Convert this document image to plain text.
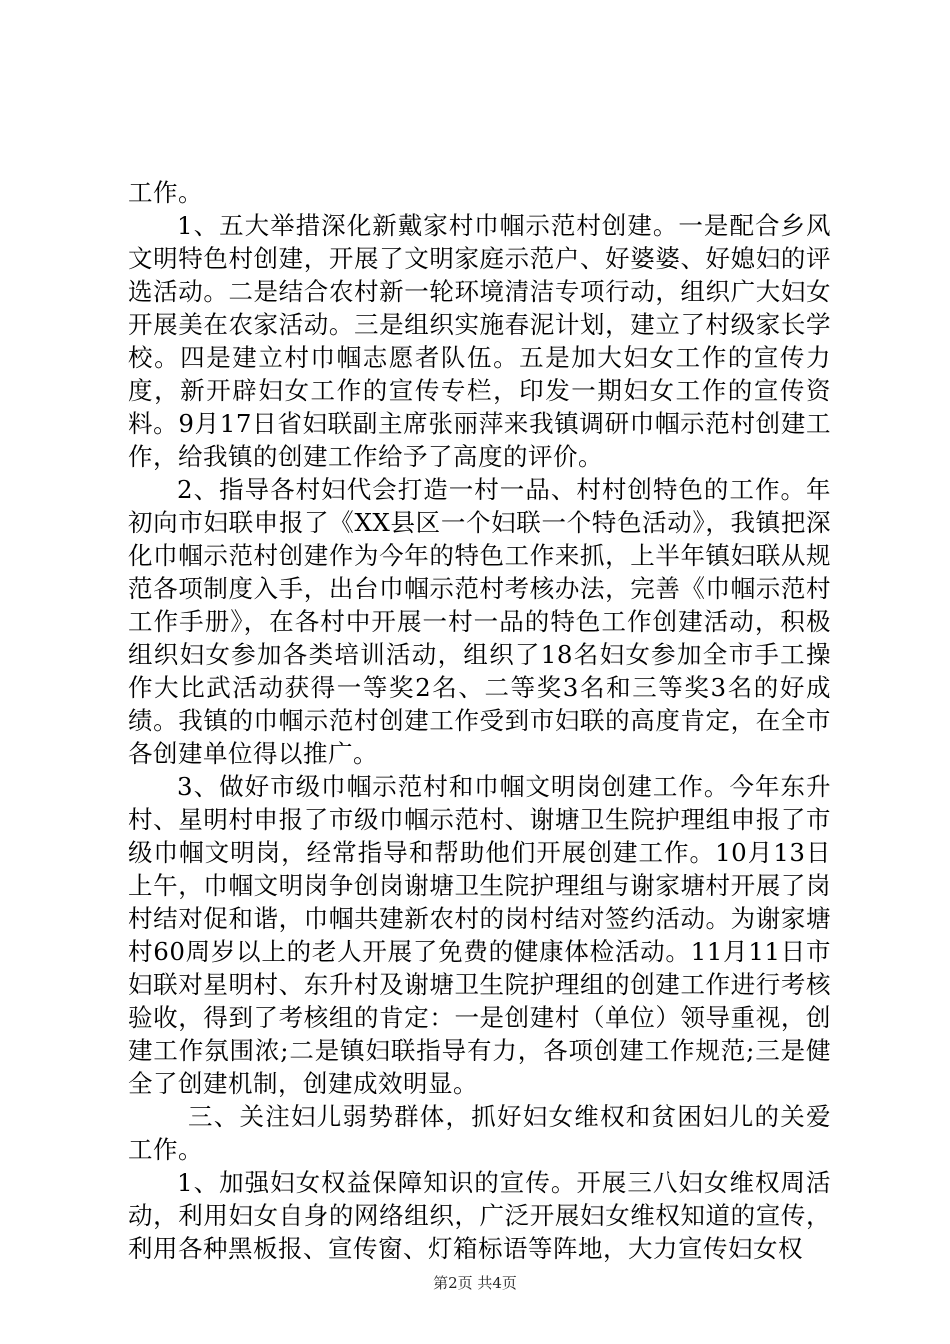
工作。

1、五大举措深化新戴家村巾帼示范村创建。一是配合乡风文明特色村创建，开展了文明家庭示范户、好婆婆、好媳妇的评选活动。二是结合农村新一轮环境清洁专项行动，组织广大妇女开展美在农家活动。三是组织实施春泥计划，建立了村级家长学校。四是建立村巾帼志愿者队伍。五是加大妇女工作的宣传力度，新开辟妇女工作的宣传专栏，印发一期妇女工作的宣传资料。9月17日省妇联副主席张丽萍来我镇调研巾帼示范村创建工作，给我镇的创建工作给予了高度的评价。

2、指导各村妇代会打造一村一品、村村创特色的工作。年初向市妇联申报了《XX县区一个妇联一个特色活动》，我镇把深化巾帼示范村创建作为今年的特色工作来抓，上半年镇妇联从规范各项制度入手，出台巾帼示范村考核办法，完善《巾帼示范村工作手册》，在各村中开展一村一品的特色工作创建活动，积极组织妇女参加各类培训活动，组织了18名妇女参加全市手工操作大比武活动获得一等奖2名、二等奖3名和三等奖3名的好成绩。我镇的巾帼示范村创建工作受到市妇联的高度肯定，在全市各创建单位得以推广。

3、做好市级巾帼示范村和巾帼文明岗创建工作。今年东升村、星明村申报了市级巾帼示范村、谢塘卫生院护理组申报了市级巾帼文明岗，经常指导和帮助他们开展创建工作。10月13日上午，巾帼文明岗争创岗谢塘卫生院护理组与谢家塘村开展了岗村结对促和谐，巾帼共建新农村的岗村结对签约活动。为谢家塘村60周岁以上的老人开展了免费的健康体检活动。11月11日市妇联对星明村、东升村及谢塘卫生院护理组的创建工作进行考核验收，得到了考核组的肯定：一是创建村（单位）领导重视，创建工作氛围浓;二是镇妇联指导有力，各项创建工作规范;三是健全了创建机制，创建成效明显。

三、关注妇儿弱势群体，抓好妇女维权和贫困妇儿的关爱工作。

1、加强妇女权益保障知识的宣传。开展三八妇女维权周活动，利用妇女自身的网络组织，广泛开展妇女维权知道的宣传，利用各种黑板报、宣传窗、灯箱标语等阵地，大力宣传妇女权

第2页 共4页
